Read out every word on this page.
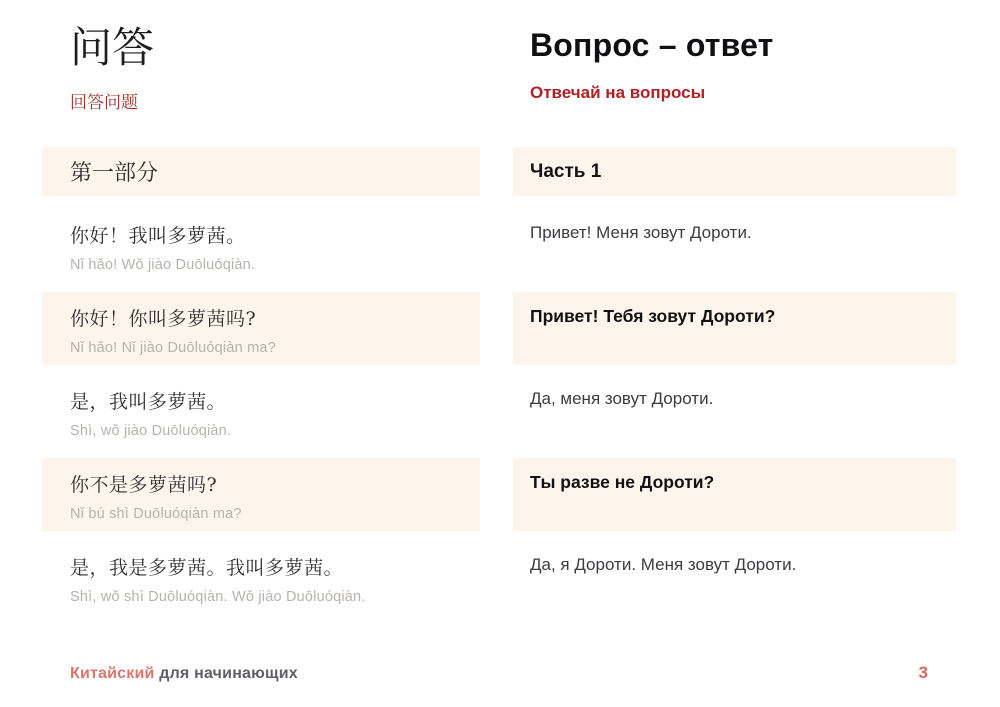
问答
回答问题
Вопрос – ответ
Отвечай на вопросы
第一部分	Часть 1
你好！我叫多萝茜。
Nǐ hǎo! Wǒ jiào Duōluóqiàn.
Привет! Меня зовут Дороти.
你好！你叫多萝茜吗?
Nǐ hǎo! Nǐ jiào Duōluóqiàn ma?
Привет! Тебя зовут Дороти?
是，我叫多萝茜。
Shì, wǒ jiào Duōluóqiàn.
Да, меня зовут Дороти.
你不是多萝茜吗?
Nǐ bú shì Duōluóqiàn ma?
Ты разве не Дороти?
是，我是多萝茜。我叫多萝茜。
Shì, wǒ shì Duōluóqiàn. Wǒ jiào Duōluóqiàn.
Да, я Дороти. Меня зовут Дороти.
Китайский для начинающих	3
